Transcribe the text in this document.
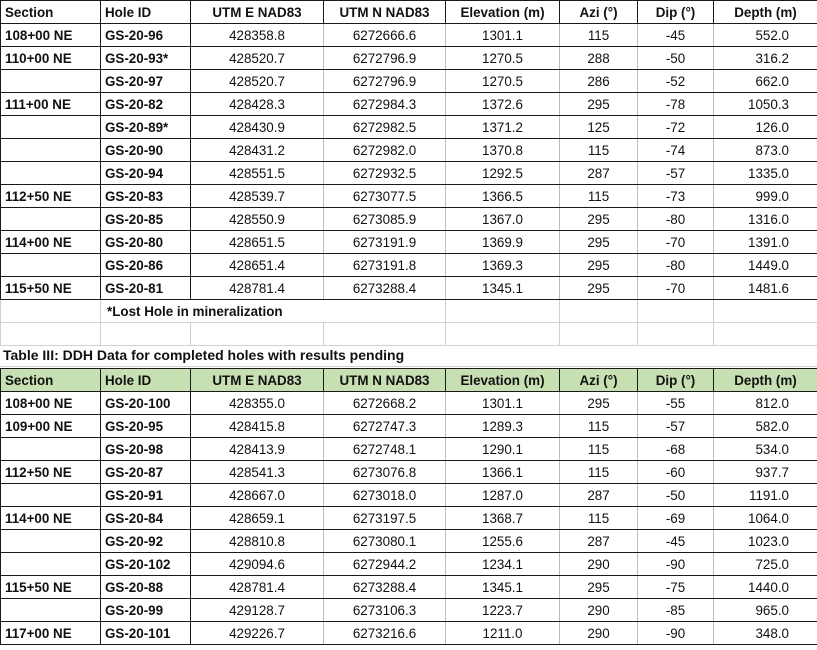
Section	Hole ID	UTM E NAD83	UTM N NAD83	Elevation (m)	Azi (°)	Dip (°)	Depth (m)
108+00 NE	GS-20-96	428358.8	6272666.6	1301.1	115	-45	552.0
110+00 NE	GS-20-93*	428520.7	6272796.9	1270.5	288	-50	316.2
	GS-20-97	428520.7	6272796.9	1270.5	286	-52	662.0
111+00 NE	GS-20-82	428428.3	6272984.3	1372.6	295	-78	1050.3
	GS-20-89*	428430.9	6272982.5	1371.2	125	-72	126.0
	GS-20-90	428431.2	6272982.0	1370.8	115	-74	873.0
	GS-20-94	428551.5	6272932.5	1292.5	287	-57	1335.0
112+50 NE	GS-20-83	428539.7	6273077.5	1366.5	115	-73	999.0
	GS-20-85	428550.9	6273085.9	1367.0	295	-80	1316.0
114+00 NE	GS-20-80	428651.5	6273191.9	1369.9	295	-70	1391.0
	GS-20-86	428651.4	6273191.8	1369.3	295	-80	1449.0
115+50 NE	GS-20-81	428781.4	6273288.4	1345.1	295	-70	1481.6
	*Lost Hole in mineralization						

Table III: DDH Data for completed holes with results pending
Section	Hole ID	UTM E NAD83	UTM N NAD83	Elevation (m)	Azi (°)	Dip (°)	Depth (m)
108+00 NE	GS-20-100	428355.0	6272668.2	1301.1	295	-55	812.0
109+00 NE	GS-20-95	428415.8	6272747.3	1289.3	115	-57	582.0
	GS-20-98	428413.9	6272748.1	1290.1	115	-68	534.0
112+50 NE	GS-20-87	428541.3	6273076.8	1366.1	115	-60	937.7
	GS-20-91	428667.0	6273018.0	1287.0	287	-50	1191.0
114+00 NE	GS-20-84	428659.1	6273197.5	1368.7	115	-69	1064.0
	GS-20-92	428810.8	6273080.1	1255.6	287	-45	1023.0
	GS-20-102	429094.6	6272944.2	1234.1	290	-90	725.0
115+50 NE	GS-20-88	428781.4	6273288.4	1345.1	295	-75	1440.0
	GS-20-99	429128.7	6273106.3	1223.7	290	-85	965.0
117+00 NE	GS-20-101	429226.7	6273216.6	1211.0	290	-90	348.0
